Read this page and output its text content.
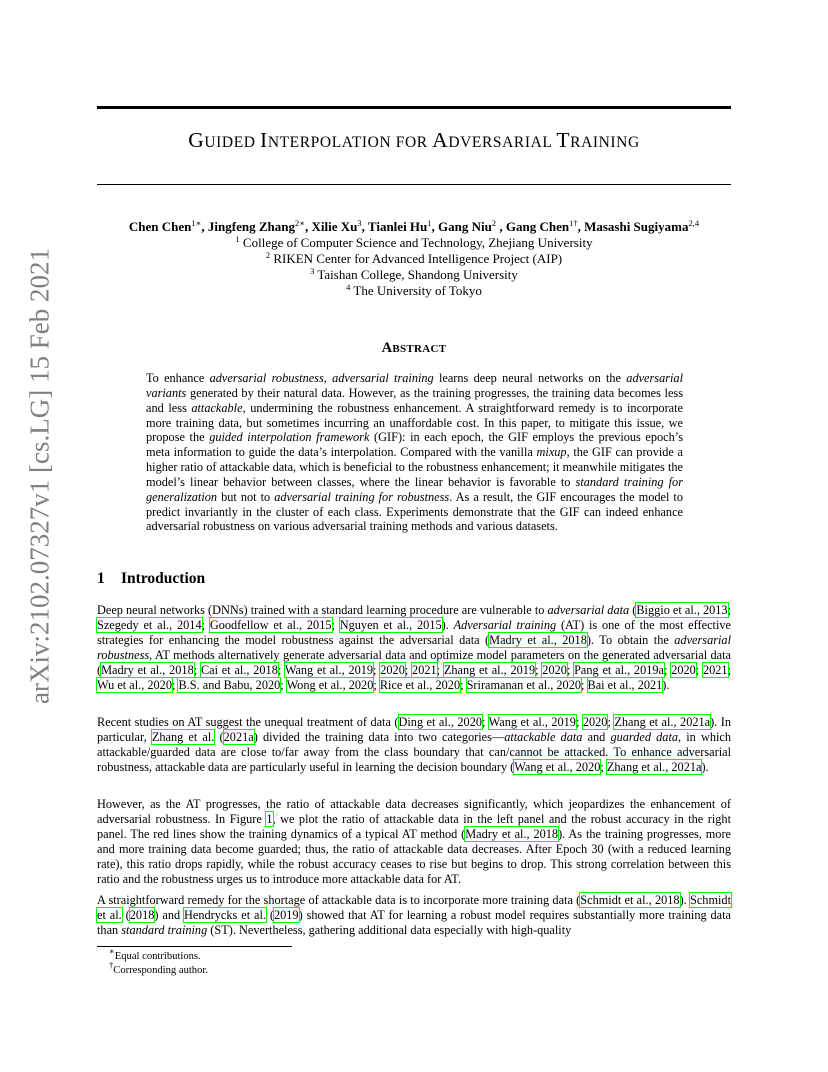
GUIDED INTERPOLATION FOR ADVERSARIAL TRAINING
Chen Chen$^{1∗}$, Jingfeng Zhang$^{2∗}$, Xilie Xu$^3$, Tianlei Hu$^1$, Gang Niu$^2$ , Gang Chen$^{1\dagger}$, Masashi Sugiyama$^{2,4}$
$^1$ College of Computer Science and Technology, Zhejiang University
$^2$ RIKEN Center for Advanced Intelligence Project (AIP)
$^3$ Taishan College, Shandong University
$^4$ The University of Tokyo
arXiv:2102.07327v1 [cs.LG] 15 Feb 2021	ABSTRACT

To enhance adversarial robustness, adversarial training learns deep neural networks on the adversarial variants generated by their natural data. However, as the training progresses, the training data becomes less and less attackable, undermining the robustness enhancement. A straightforward remedy is to incorporate more training data, but sometimes incurring an unaffordable cost. In this paper, to mitigate this issue, we propose the guided interpolation framework (GIF): in each epoch, the GIF employs the previous epoch’s meta information to guide the data’s interpolation. Compared with the vanilla mixup, the GIF can provide a higher ratio of attackable data, which is beneficial to the robustness enhancement; it meanwhile mitigates the model’s linear behavior between classes, where the linear behavior is favorable to standard training for generalization but not to adversarial training for robustness. As a result, the GIF encourages the model to predict invariantly in the cluster of each class. Experiments demonstrate that the GIF can indeed enhance adversarial robustness on various adversarial training methods and various datasets.

1 Introduction

Deep neural networks (DNNs) trained with a standard learning procedure are vulnerable to adversarial data (Biggio et al., 2013; Szegedy et al., 2014; Goodfellow et al., 2015; Nguyen et al., 2015). Adversarial training (AT) is one of the most effective strategies for enhancing the model robustness against the adversarial data (Madry et al., 2018). To obtain the adversarial robustness, AT methods alternatively generate adversarial data and optimize model parameters on the generated adversarial data (Madry et al., 2018; Cai et al., 2018; Wang et al., 2019; 2020; 2021; Zhang et al., 2019; 2020; Pang et al., 2019a; 2020; 2021; Wu et al., 2020; B.S. and Babu, 2020; Wong et al., 2020; Rice et al., 2020; Sriramanan et al., 2020; Bai et al., 2021).

Recent studies on AT suggest the unequal treatment of data (Ding et al., 2020; Wang et al., 2019; 2020; Zhang et al., 2021a). In particular, Zhang et al. (2021a) divided the training data into two categories—attackable data and guarded data, in which attackable/guarded data are close to/far away from the class boundary that can/cannot be attacked. To enhance adversarial robustness, attackable data are particularly useful in learning the decision boundary (Wang et al., 2020; Zhang et al., 2021a).

However, as the AT progresses, the ratio of attackable data decreases significantly, which jeopardizes the enhancement of adversarial robustness. In Figure 1, we plot the ratio of attackable data in the left panel and the robust accuracy in the right panel. The red lines show the training dynamics of a typical AT method (Madry et al., 2018). As the training progresses, more and more training data become guarded; thus, the ratio of attackable data decreases. After Epoch 30 (with a reduced learning rate), this ratio drops rapidly, while the robust accuracy ceases to rise but begins to drop. This strong correlation between this ratio and the robustness urges us to introduce more attackable data for AT.

A straightforward remedy for the shortage of attackable data is to incorporate more training data (Schmidt et al., 2018). Schmidt et al. (2018) and Hendrycks et al. (2019) showed that AT for learning a robust model requires substantially more training data than standard training (ST). Nevertheless, gathering additional data especially with high-quality

∗Equal contributions.
†Corresponding author.
